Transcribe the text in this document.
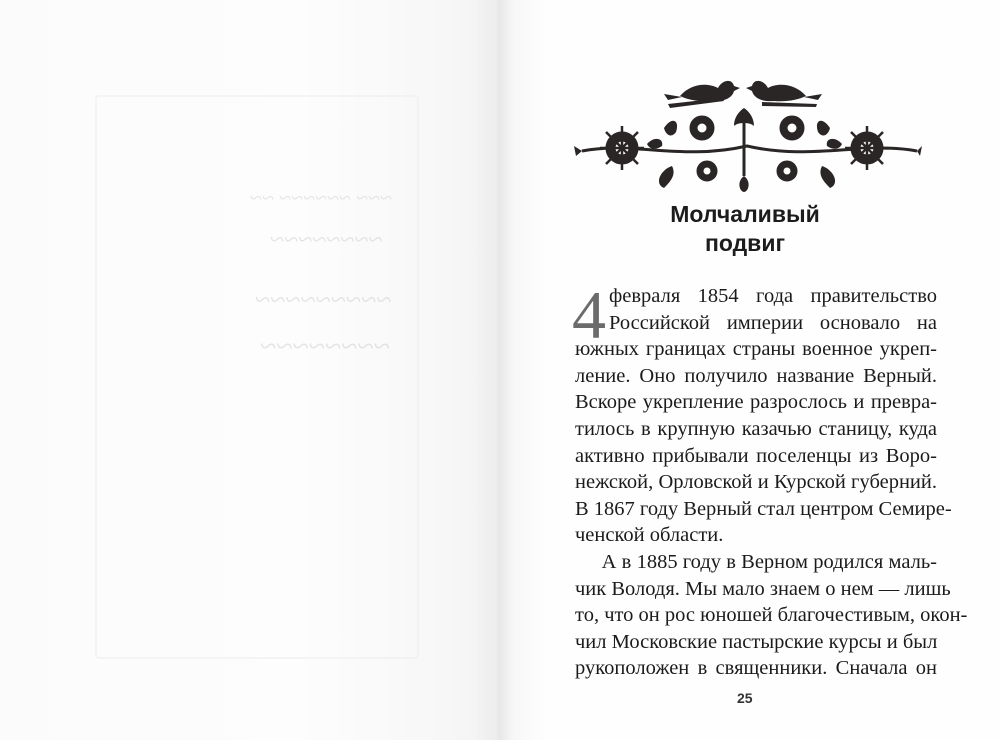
~~~ ~~~~~~ ~~
~~~~~~~~
~~~~~~~~~
~~~~~~~~
Молчаливый
подвиг
4 февраля 1854 года правительство
Российской империи основало на
южных границах страны военное укреп-
ление. Оно получило название Верный.
Вскоре укрепление разрослось и превра-
тилось в крупную казачью станицу, куда
активно прибывали поселенцы из Воро-
нежской, Орловской и Курской губерний.
В 1867 году Верный стал центром Семире-
ченской области.
А в 1885 году в Верном родился маль-
чик Володя. Мы мало знаем о нем — лишь
то, что он рос юношей благочестивым, окон-
чил Московские пастырские курсы и был
рукоположен в священники. Сначала он
25
